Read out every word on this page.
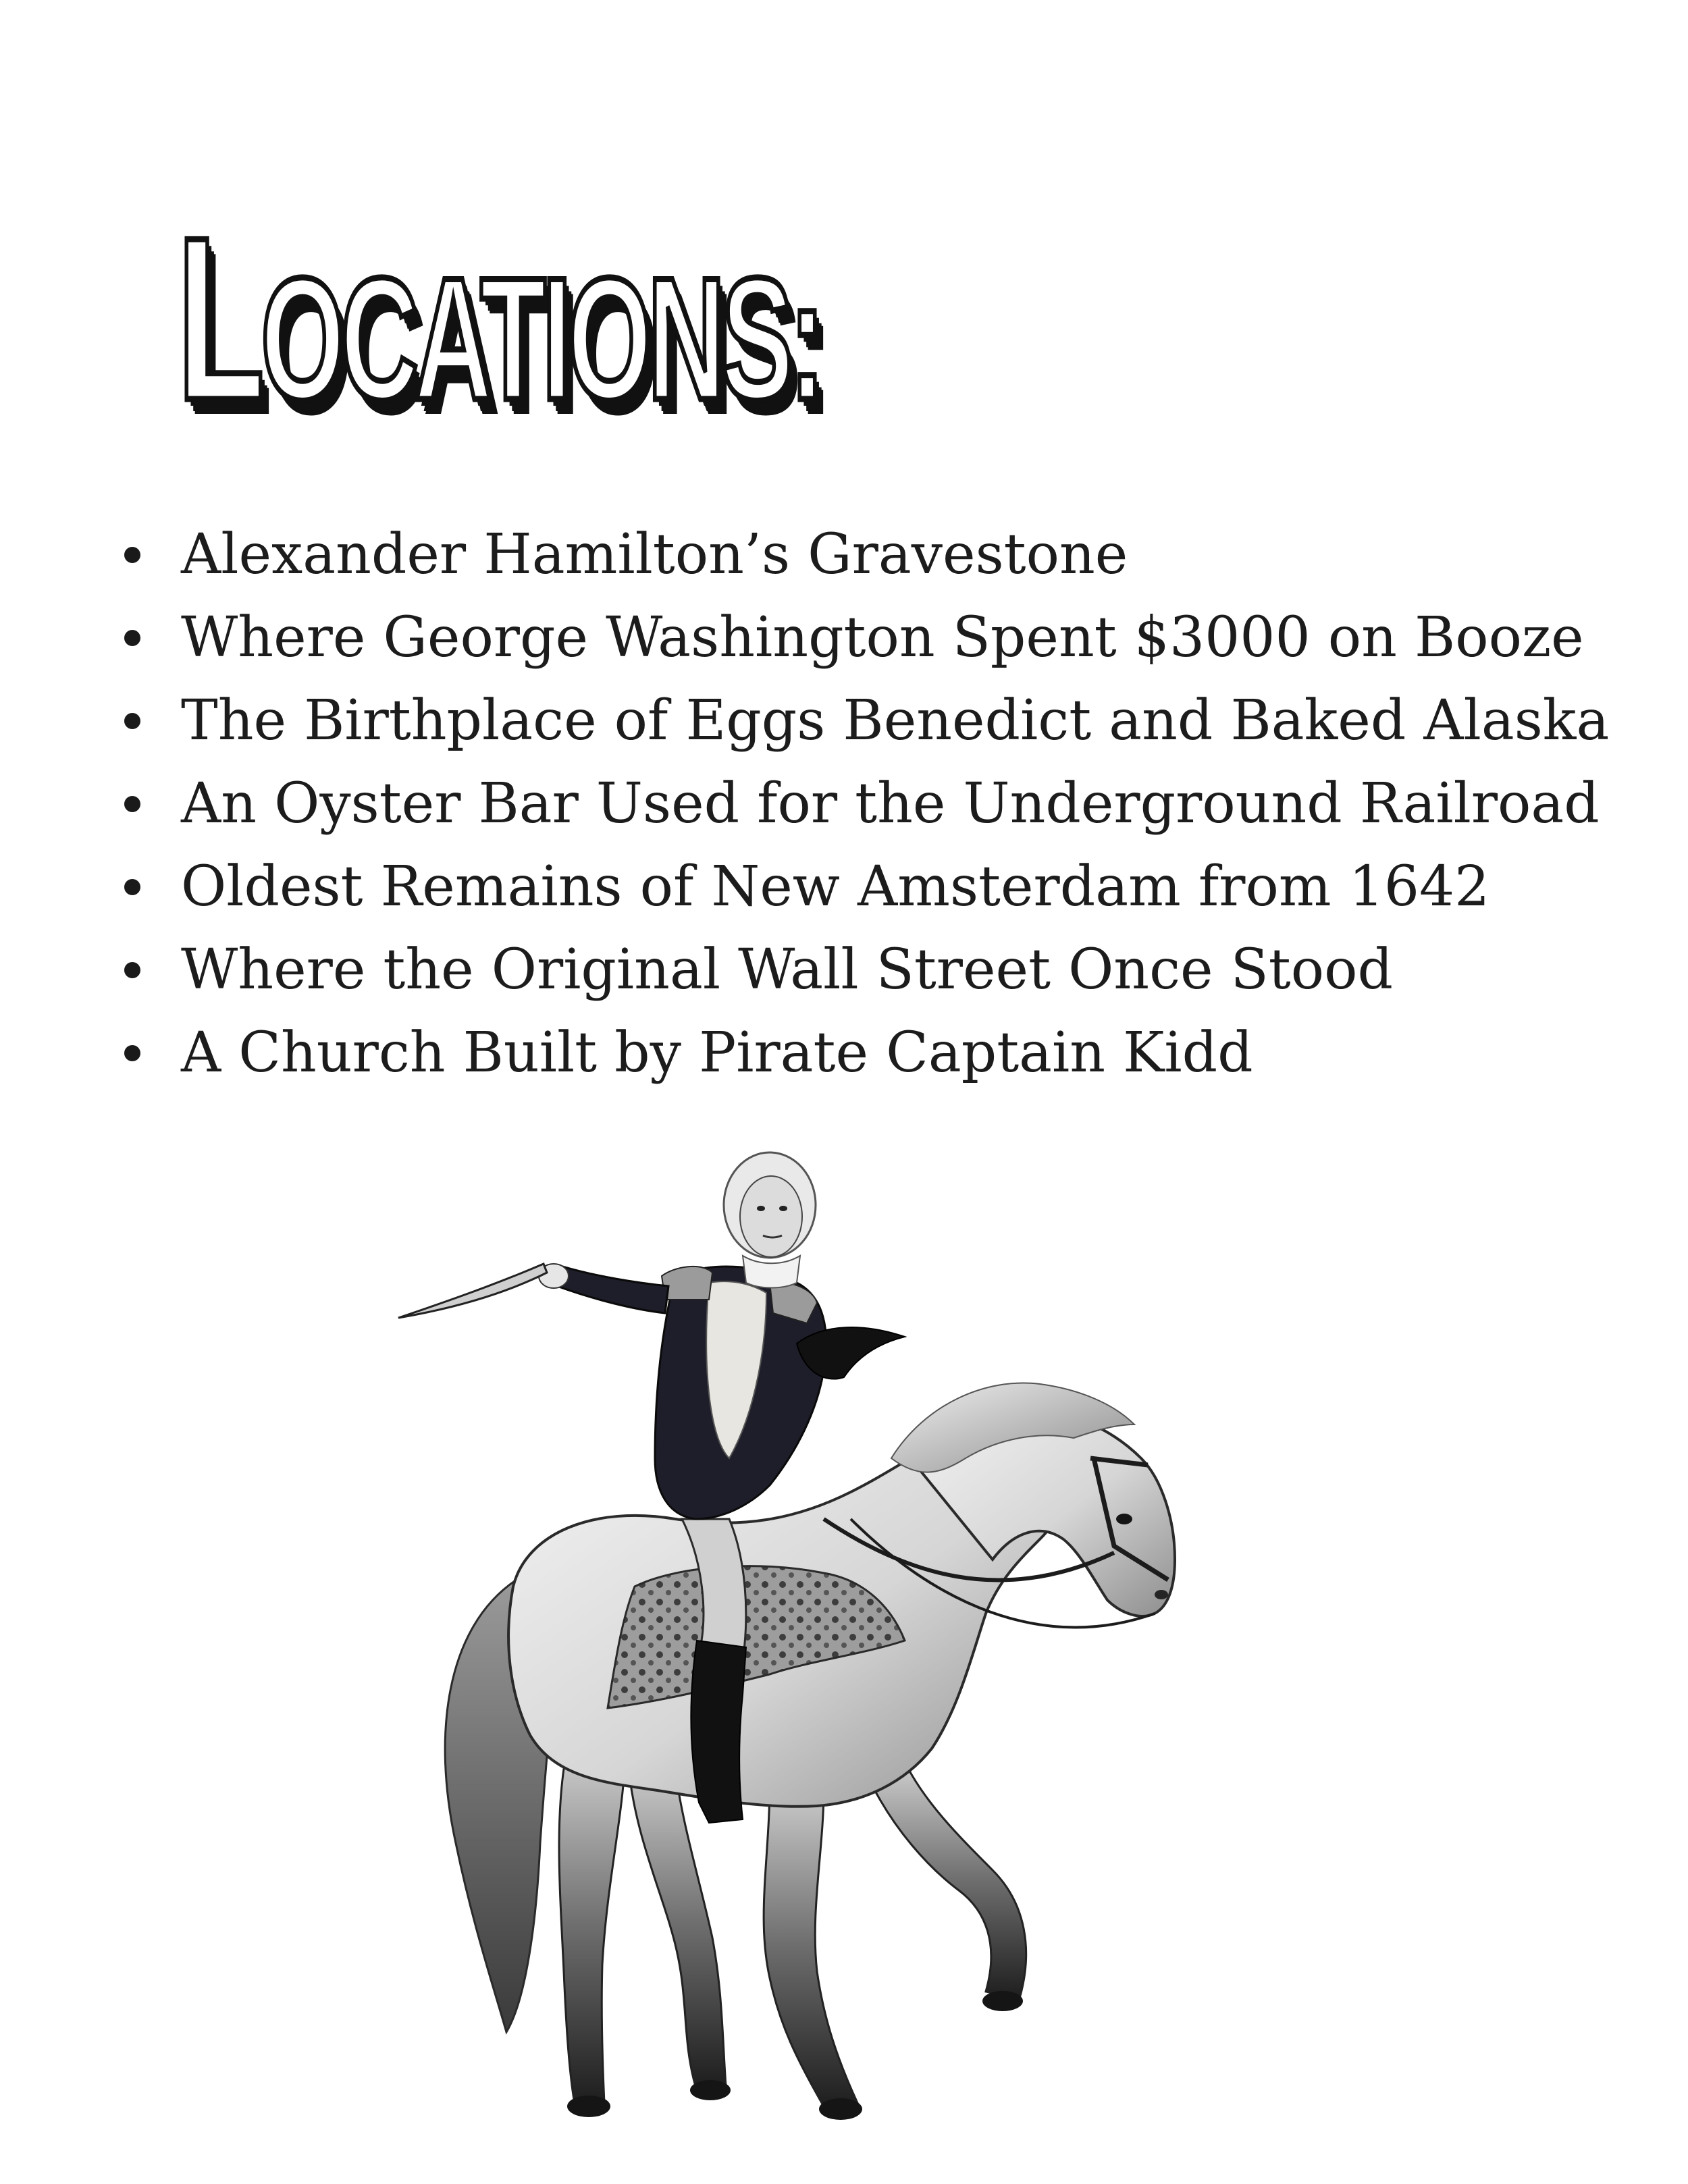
LOCATIONS:
Alexander Hamilton’s Gravestone
Where George Washington Spent $3000 on Booze
The Birthplace of Eggs Benedict and Baked Alaska
An Oyster Bar Used for the Underground Railroad
Oldest Remains of New Amsterdam from 1642
Where the Original Wall Street Once Stood
A Church Built by Pirate Captain Kidd
